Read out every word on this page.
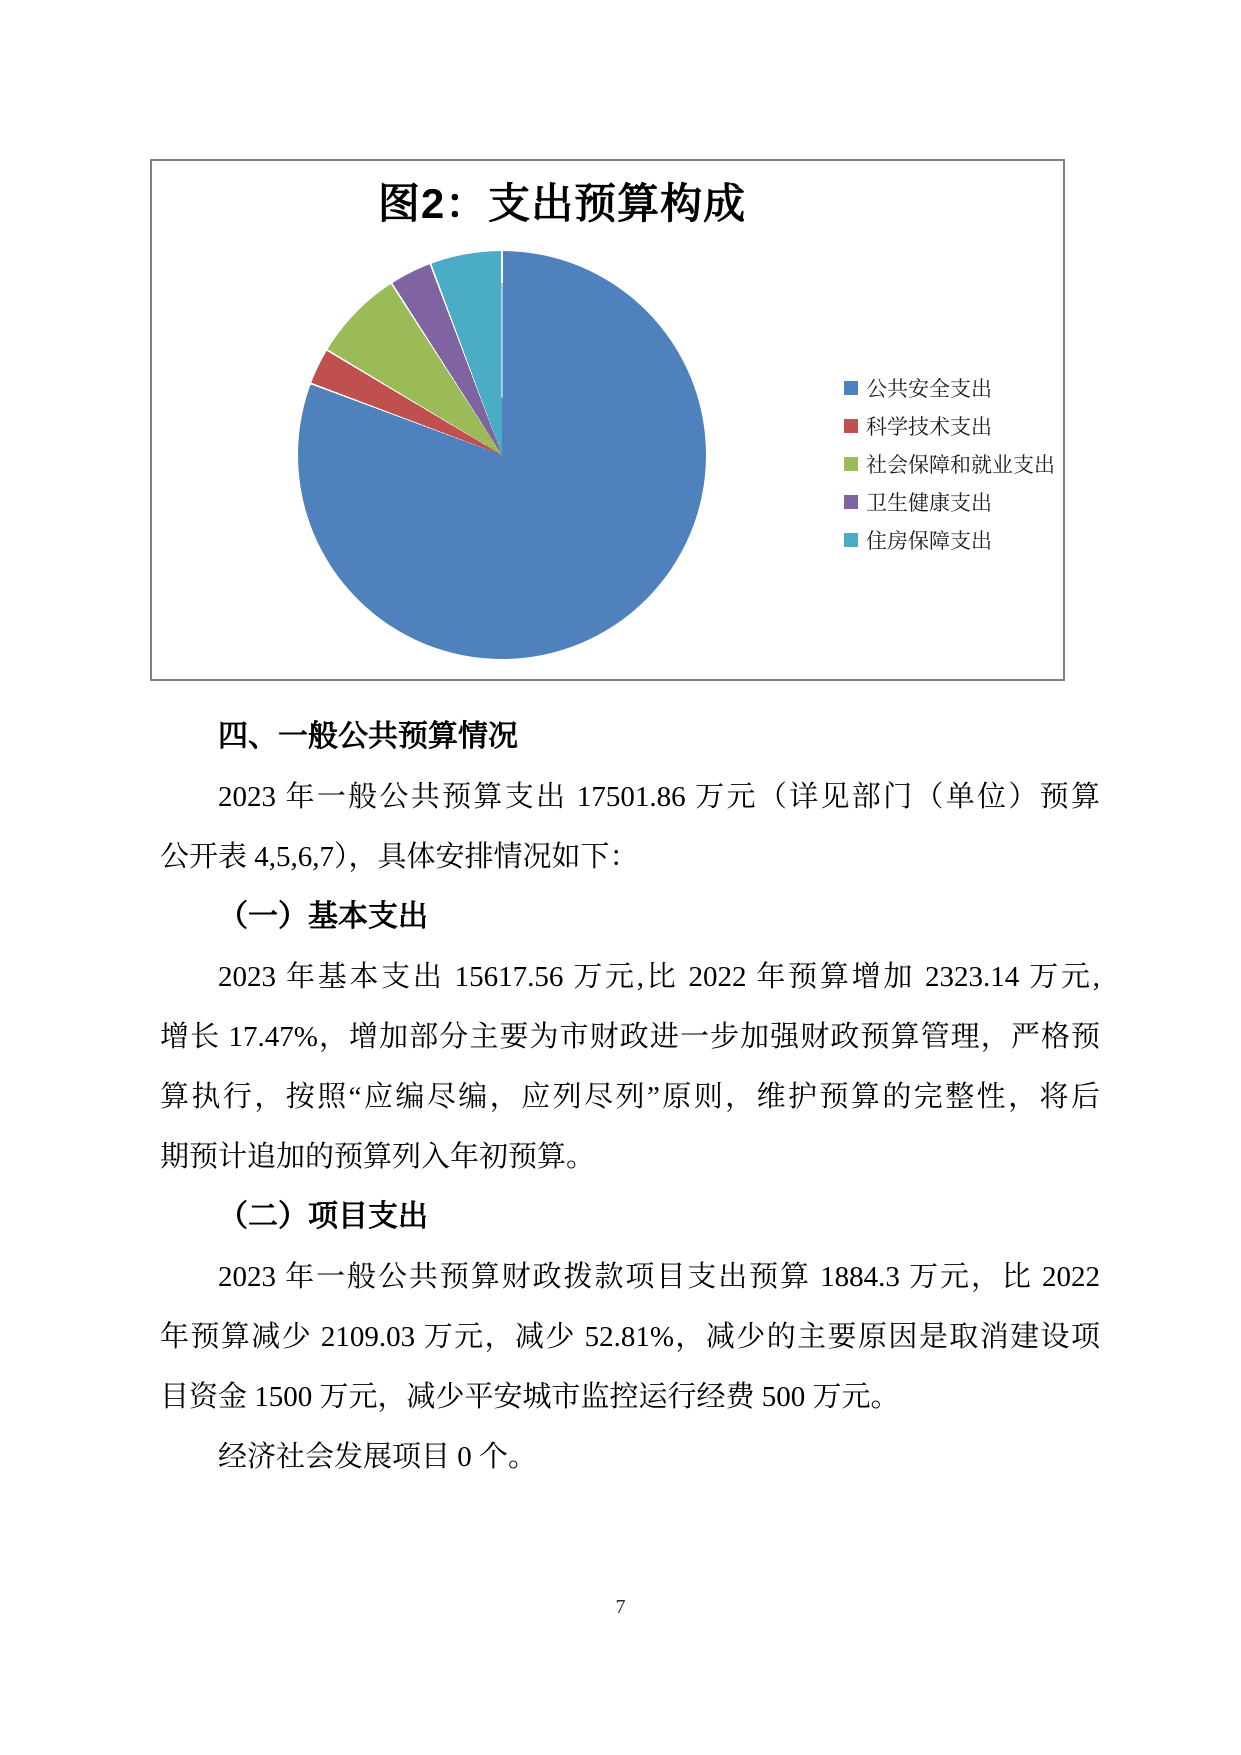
图2：支出预算构成
公共安全支出
科学技术支出
社会保障和就业支出
卫生健康支出
住房保障支出
四、一般公共预算情况
2023 年一般公共预算支出 17501.86 万元（详见部门（单位）预算
公开表 4,5,6,7），具体安排情况如下：
（一）基本支出
2023 年基本支出 15617.56 万元,比 2022 年预算增加 2323.14 万元,
增长 17.47%，增加部分主要为市财政进一步加强财政预算管理，严格预
算执行，按照“应编尽编，应列尽列”原则，维护预算的完整性，将后
期预计追加的预算列入年初预算。
（二）项目支出
2023 年一般公共预算财政拨款项目支出预算 1884.3 万元，比 2022
年预算减少 2109.03 万元，减少 52.81%，减少的主要原因是取消建设项
目资金 1500 万元，减少平安城市监控运行经费 500 万元。
经济社会发展项目 0 个。
7
